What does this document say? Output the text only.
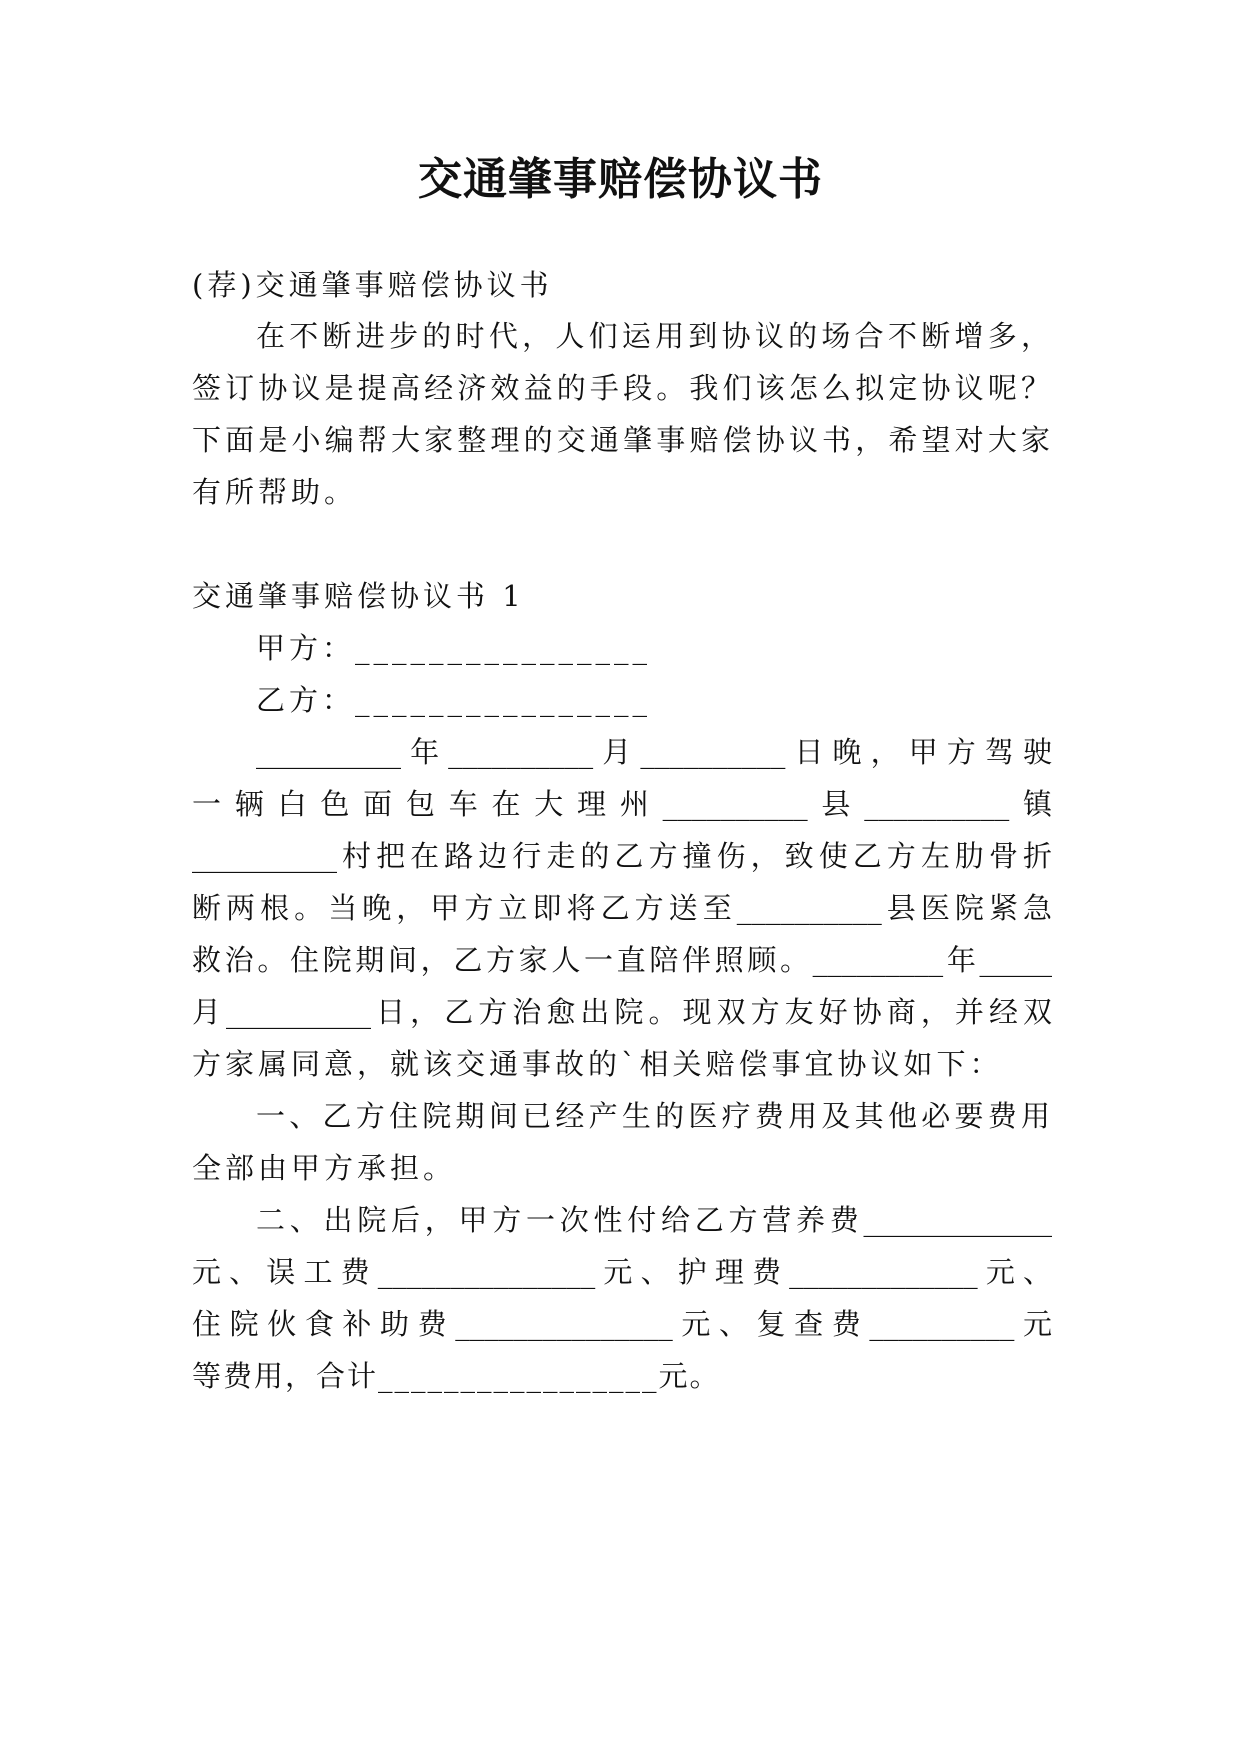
交通肇事赔偿协议书

(荐)交通肇事赔偿协议书

在不断进步的时代，人们运用到协议的场合不断增多，

签订协议是提高经济效益的手段。我们该怎么拟定协议呢？

下面是小编帮大家整理的交通肇事赔偿协议书，希望对大家

有所帮助。

交通肇事赔偿协议书 1

甲方：________________

乙方：________________

__________年__________月__________日晚，甲方驾驶

一辆白色面包车在大理州__________县__________镇

__________村把在路边行走的乙方撞伤，致使乙方左肋骨折

断两根。当晚，甲方立即将乙方送至__________县医院紧急

救治。住院期间，乙方家人一直陪伴照顾。_________年_____

月__________日，乙方治愈出院。现双方友好协商，并经双

方家属同意，就该交通事故的`相关赔偿事宜协议如下：

一、乙方住院期间已经产生的医疗费用及其他必要费用

全部由甲方承担。

二、出院后，甲方一次性付给乙方营养费_____________

元、误工费_______________元、护理费_____________元、

住院伙食补助费_______________元、复查费__________元

等费用，合计_________________元。
